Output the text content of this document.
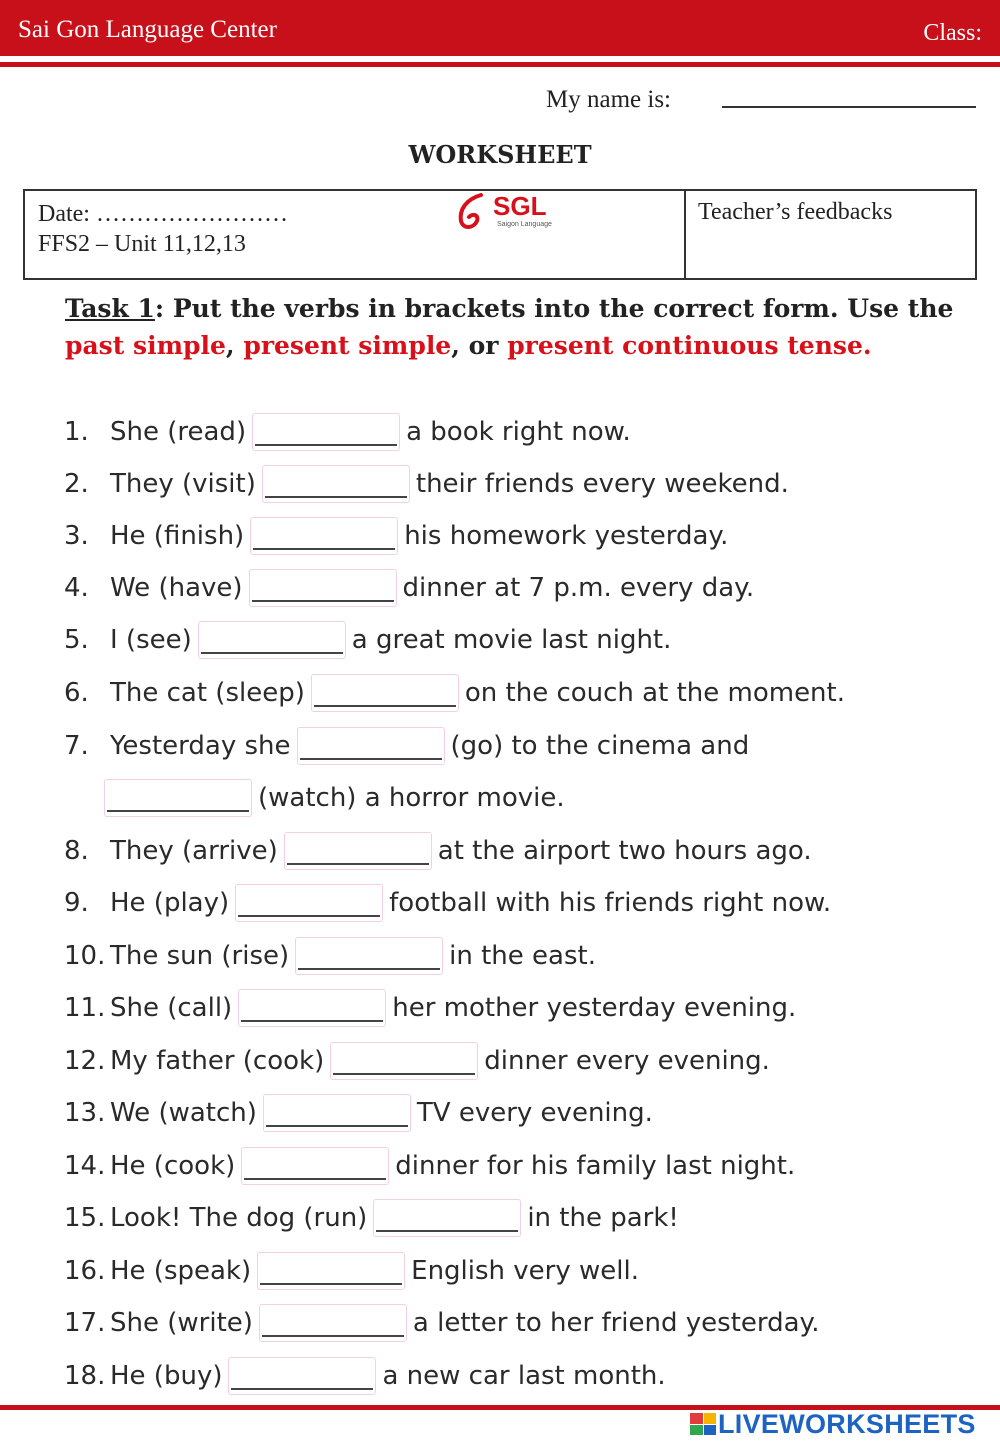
Sai Gon Language Center	Class:
My name is:
WORKSHEET
Date: ……………………
FFS2 – Unit 11,12,13
SGL
Saigon Language	Teacher’s feedbacks
Task 1: Put the verbs in brackets into the correct form. Use the past simple, present simple, or present continuous tense.
1. She (read)	a book right now.
2. They (visit)	their friends every weekend.
3. He (finish)	his homework yesterday.
4. We (have)	dinner at 7 p.m. every day.
5. I (see)	a great movie last night.
6. The cat (sleep)	on the couch at the moment.
7. Yesterday she	(go) to the cinema and
(watch) a horror movie.
8. They (arrive)	at the airport two hours ago.
9. He (play)	football with his friends right now.
10. The sun (rise)	in the east.
11. She (call)	her mother yesterday evening.
12. My father (cook)	dinner every evening.
13. We (watch)	TV every evening.
14. He (cook)	dinner for his family last night.
15. Look! The dog (run)	in the park!
16. He (speak)	English very well.
17. She (write)	a letter to her friend yesterday.
18. He (buy)	a new car last month.
LIVEWORKSHEETS
